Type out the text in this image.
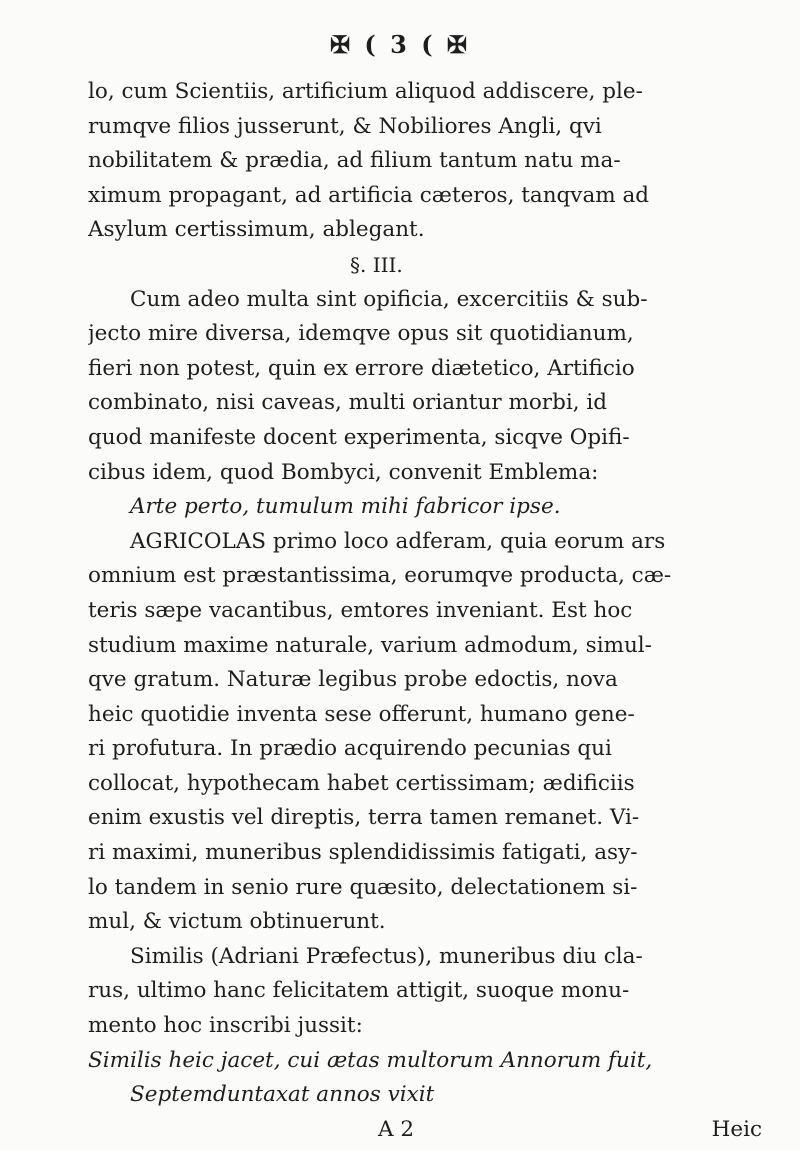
✠ ( 3 ( ✠
lo, cum Scientiis, artificium aliquod addiscere, ple-
rumqve filios jusserunt, & Nobiliores Angli, qvi
nobilitatem & prædia, ad filium tantum natu ma-
ximum propagant, ad artificia cæteros, tanqvam ad
Asylum certissimum, ablegant.
§. III.
Cum adeo multa sint opificia, excercitiis & sub-
jecto mire diversa, idemqve opus sit quotidianum,
fieri non potest, quin ex errore diætetico, Artificio
combinato, nisi caveas, multi oriantur morbi, id
quod manifeste docent experimenta, sicqve Opifi-
cibus idem, quod Bombyci, convenit Emblema:
Arte perto, tumulum mihi fabricor ipse.
AGRICOLAS primo loco adferam, quia eorum ars
omnium est præstantissima, eorumqve producta, cæ-
teris sæpe vacantibus, emtores inveniant. Est hoc
studium maxime naturale, varium admodum, simul-
qve gratum. Naturæ legibus probe edoctis, nova
heic quotidie inventa sese offerunt, humano gene-
ri profutura. In prædio acquirendo pecunias qui
collocat, hypothecam habet certissimam; ædificiis
enim exustis vel direptis, terra tamen remanet. Vi-
ri maximi, muneribus splendidissimis fatigati, asy-
lo tandem in senio rure quæsito, delectationem si-
mul, & victum obtinuerunt.
Similis (Adriani Præfectus), muneribus diu cla-
rus, ultimo hanc felicitatem attigit, suoque monu-
mento hoc inscribi jussit:
Similis heic jacet, cui ætas multorum Annorum fuit,
Septemduntaxat annos vixit
A 2	Heic
